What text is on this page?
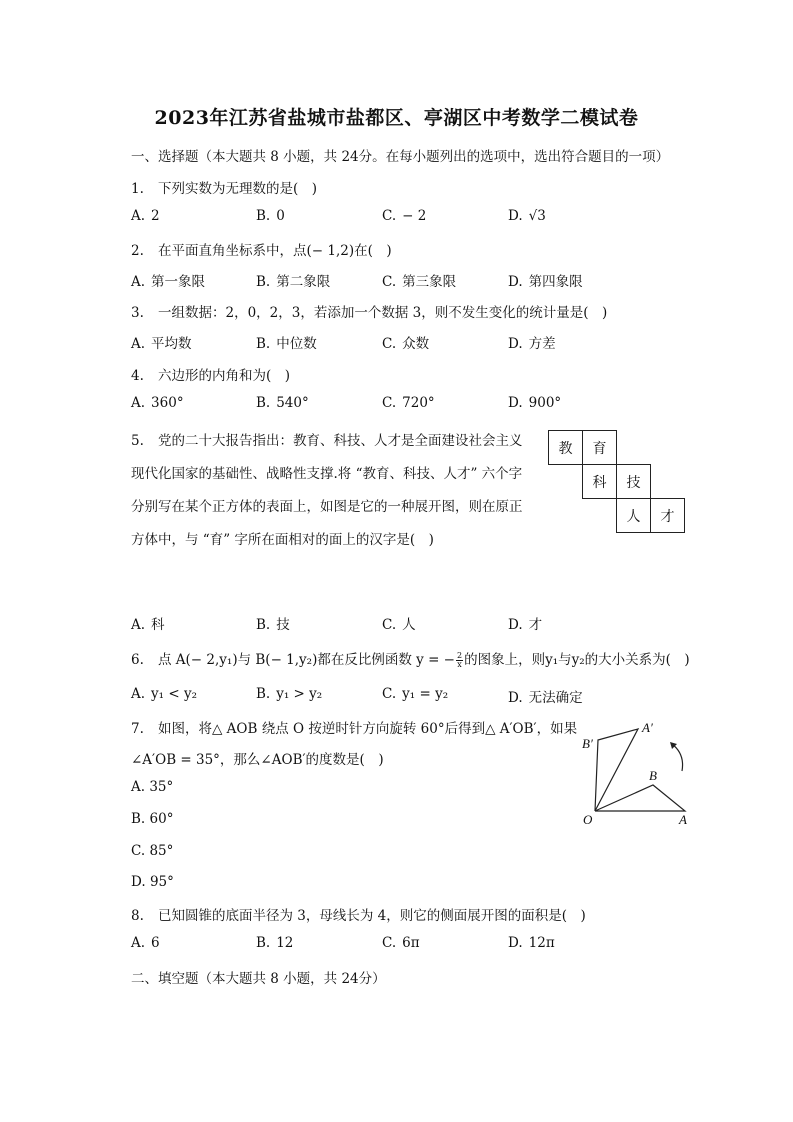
2023年江苏省盐城市盐都区、亭湖区中考数学二模试卷
一、选择题（本大题共 8 小题，共 24分。在每小题列出的选项中，选出符合题目的一项）
1. 下列实数为无理数的是(　)
A. 2	B. 0	C. − 2	D. √3
2. 在平面直角坐标系中，点(− 1,2)在(　)
A. 第一象限	B. 第二象限	C. 第三象限	D. 第四象限
3. 一组数据：2，0，2，3，若添加一个数据 3，则不发生变化的统计量是(　)
A. 平均数	B. 中位数	C. 众数	D. 方差
4. 六边形的内角和为(　)
A. 360°	B. 540°	C. 720°	D. 900°
5. 党的二十大报告指出：教育、科技、人才是全面建设社会主义
现代化国家的基础性、战略性支撑.将 “教育、科技、人才” 六个字
分别写在某个正方体的表面上，如图是它的一种展开图，则在原正
方体中，与 “育” 字所在面相对的面上的汉字是(　)
教	育
科	技
人	才
A. 科	B. 技	C. 人	D. 才
6. 点 A(− 2,y₁)与 B(− 1,y₂)都在反比例函数 y = − $\frac{2}{x}$ 的图象上，则y₁与y₂的大小关系为(　)
A. y₁ < y₂	B. y₁ > y₂	C. y₁ = y₂	D. 无法确定
7. 如图，将△ AOB 绕点 O 按逆时针方向旋转 60°后得到△ A′OB′，如果
∠A′OB = 35°，那么∠AOB′的度数是(　)
A. 35°
B. 60°
C. 85°
D. 95°
O	A
B
A′
B′
8. 已知圆锥的底面半径为 3，母线长为 4，则它的侧面展开图的面积是(　)
A. 6	B. 12	C. 6π	D. 12π
二、填空题（本大题共 8 小题，共 24分）
